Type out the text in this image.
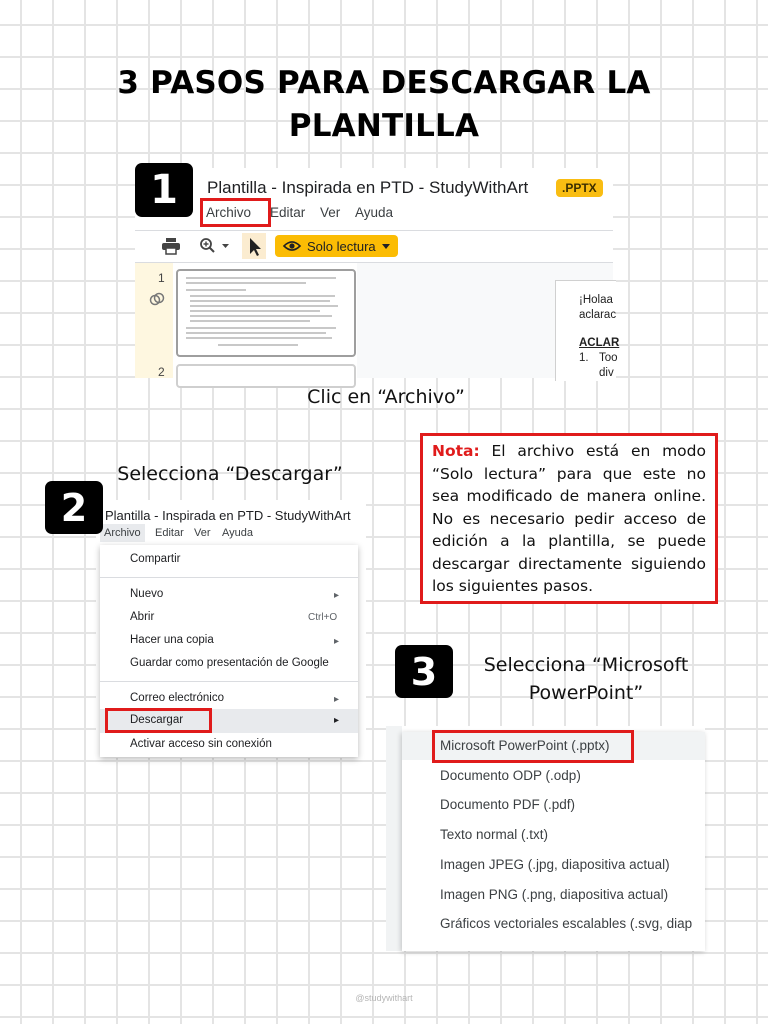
3 PASOS PARA DESCARGAR LA PLANTILLA
Plantilla - Inspirada en PTD - StudyWithArt	.PPTX
Archivo Editar Ver Ayuda
Solo lectura
1
2
¡Holaa
aclarac
ACLAR
1. Too
div
1
Clic en “Archivo”
Selecciona “Descargar”
Plantilla - Inspirada en PTD - StudyWithArt
Archivo	Editar Ver Ayuda
Compartir
Nuevo	▸
Abrir	Ctrl+O
Hacer una copia	▸
Guardar como presentación de Google
Correo electrónico	▸
Descargar	▸
Activar acceso sin conexión
2
Nota: El archivo está en modo “Solo lectura” para que este no sea modificado de manera online. No es necesario pedir acceso de edición a la plantilla, se puede descargar directamente siguiendo los siguientes pasos.
3	Selecciona “Microsoft PowerPoint”
Microsoft PowerPoint (.pptx)
Documento ODP (.odp)
Documento PDF (.pdf)
Texto normal (.txt)
Imagen JPEG (.jpg, diapositiva actual)
Imagen PNG (.png, diapositiva actual)
Gráficos vectoriales escalables (.svg, diap
@studywithart
